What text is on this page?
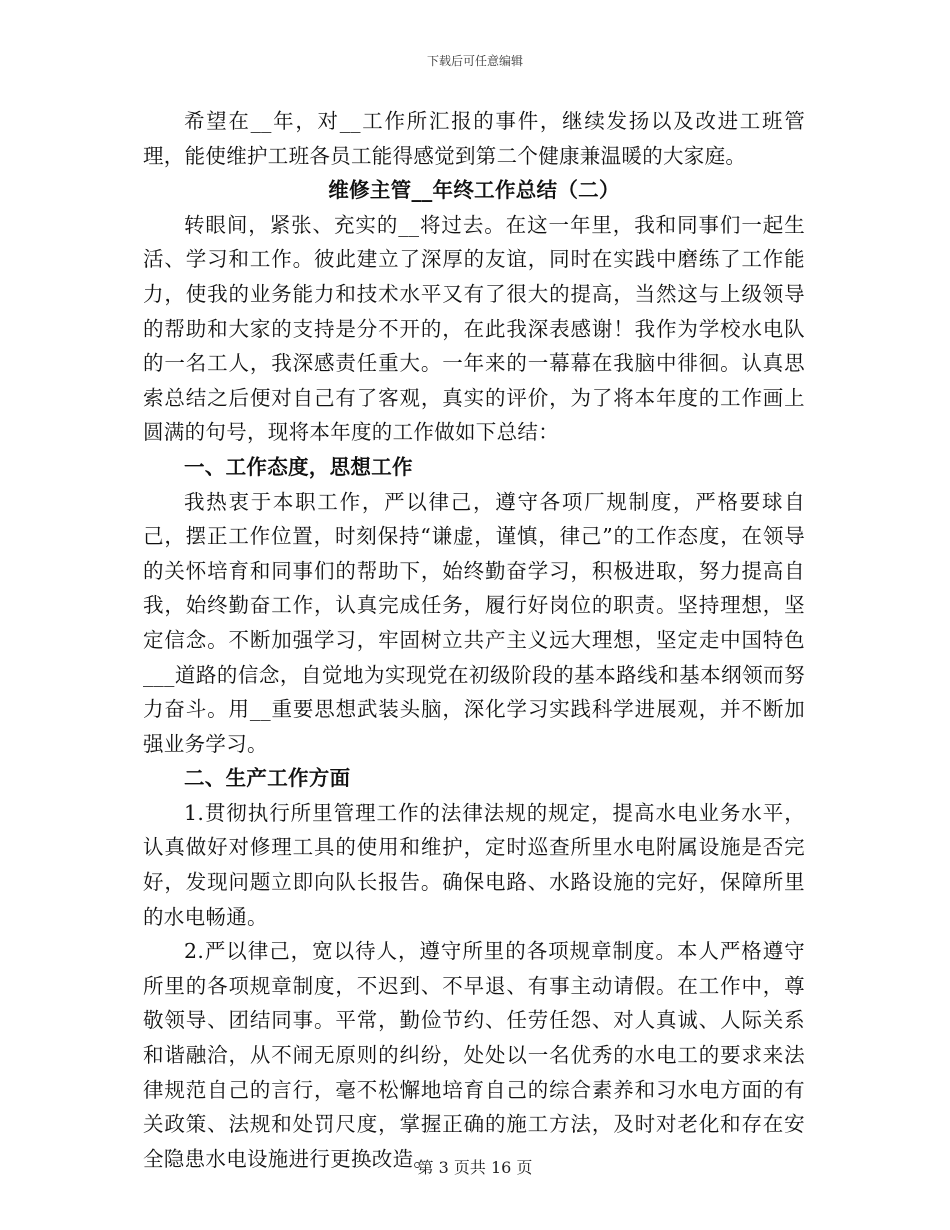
下载后可任意编辑

希望在__年，对__工作所汇报的事件，继续发扬以及改进工班管理，能使维护工班各员工能得感觉到第二个健康兼温暖的大家庭。

维修主管__年终工作总结（二）

转眼间，紧张、充实的__将过去。在这一年里，我和同事们一起生活、学习和工作。彼此建立了深厚的友谊，同时在实践中磨练了工作能力，使我的业务能力和技术水平又有了很大的提高，当然这与上级领导的帮助和大家的支持是分不开的，在此我深表感谢！我作为学校水电队的一名工人，我深感责任重大。一年来的一幕幕在我脑中徘徊。认真思索总结之后便对自己有了客观，真实的评价，为了将本年度的工作画上圆满的句号，现将本年度的工作做如下总结：

一、工作态度，思想工作

我热衷于本职工作，严以律己，遵守各项厂规制度，严格要球自己，摆正工作位置，时刻保持“谦虚，谨慎，律己”的工作态度，在领导的关怀培育和同事们的帮助下，始终勤奋学习，积极进取，努力提高自我，始终勤奋工作，认真完成任务，履行好岗位的职责。坚持理想，坚定信念。不断加强学习，牢固树立共产主义远大理想，坚定走中国特色___道路的信念，自觉地为实现党在初级阶段的基本路线和基本纲领而努力奋斗。用__重要思想武装头脑，深化学习实践科学进展观，并不断加强业务学习。

二、生产工作方面

1.贯彻执行所里管理工作的法律法规的规定，提高水电业务水平，认真做好对修理工具的使用和维护，定时巡查所里水电附属设施是否完好，发现问题立即向队长报告。确保电路、水路设施的完好，保障所里的水电畅通。

2.严以律己，宽以待人，遵守所里的各项规章制度。本人严格遵守所里的各项规章制度，不迟到、不早退、有事主动请假。在工作中，尊敬领导、团结同事。平常，勤俭节约、任劳任怨、对人真诚、人际关系和谐融洽，从不闹无原则的纠纷，处处以一名优秀的水电工的要求来法律规范自己的言行，毫不松懈地培育自己的综合素养和习水电方面的有关政策、法规和处罚尺度，掌握正确的施工方法，及时对老化和存在安全隐患水电设施进行更换改造。

第 3 页共 16 页
